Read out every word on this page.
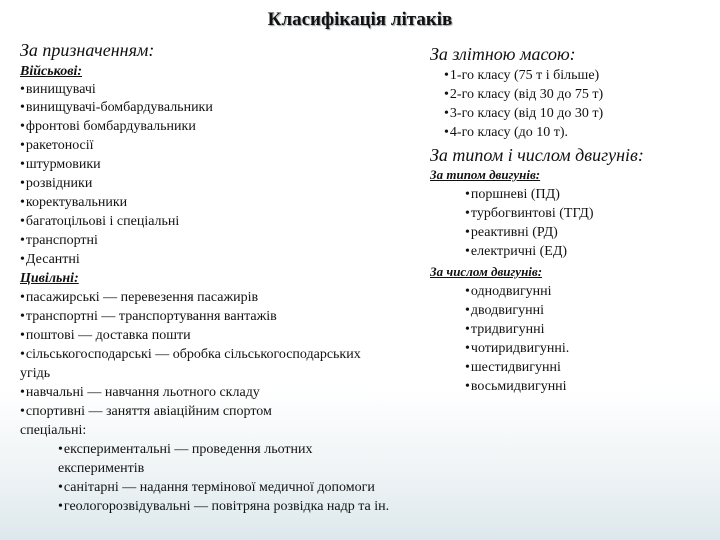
Класифікація літаків
За призначенням:
Військові:
•винищувачі
•винищувачі-бомбардувальники
•фронтові бомбардувальники
•ракетоносії
•штурмовики
•розвідники
•коректувальники
•багатоцільові і спеціальні
•транспортні
•Десантні
Цивільні:
•пасажирські — перевезення пасажирів
•транспортні — транспортування вантажів
•поштові — доставка пошти
•сільськогосподарські — обробка сільськогосподарських
угідь
•навчальні — навчання льотного складу
•спортивні — заняття авіаційним спортом
спеціальні:
•експериментальні — проведення льотних
експериментів
•санітарні — надання термінової медичної допомоги
•геологорозвідувальні — повітряна розвідка надр та ін.
За злітною масою:
•1-го класу (75 т і більше)
•2-го класу (від 30 до 75 т)
•3-го класу (від 10 до 30 т)
•4-го класу (до 10 т).
За типом і числом двигунів:
За типом двигунів:
•поршневі (ПД)
•турбогвинтові (ТГД)
•реактивні (РД)
•електричні (ЕД)
За числом двигунів:
•однодвигунні
•дводвигунні
•тридвигунні
•чотиридвигунні.
•шестидвигунні
•восьмидвигунні
